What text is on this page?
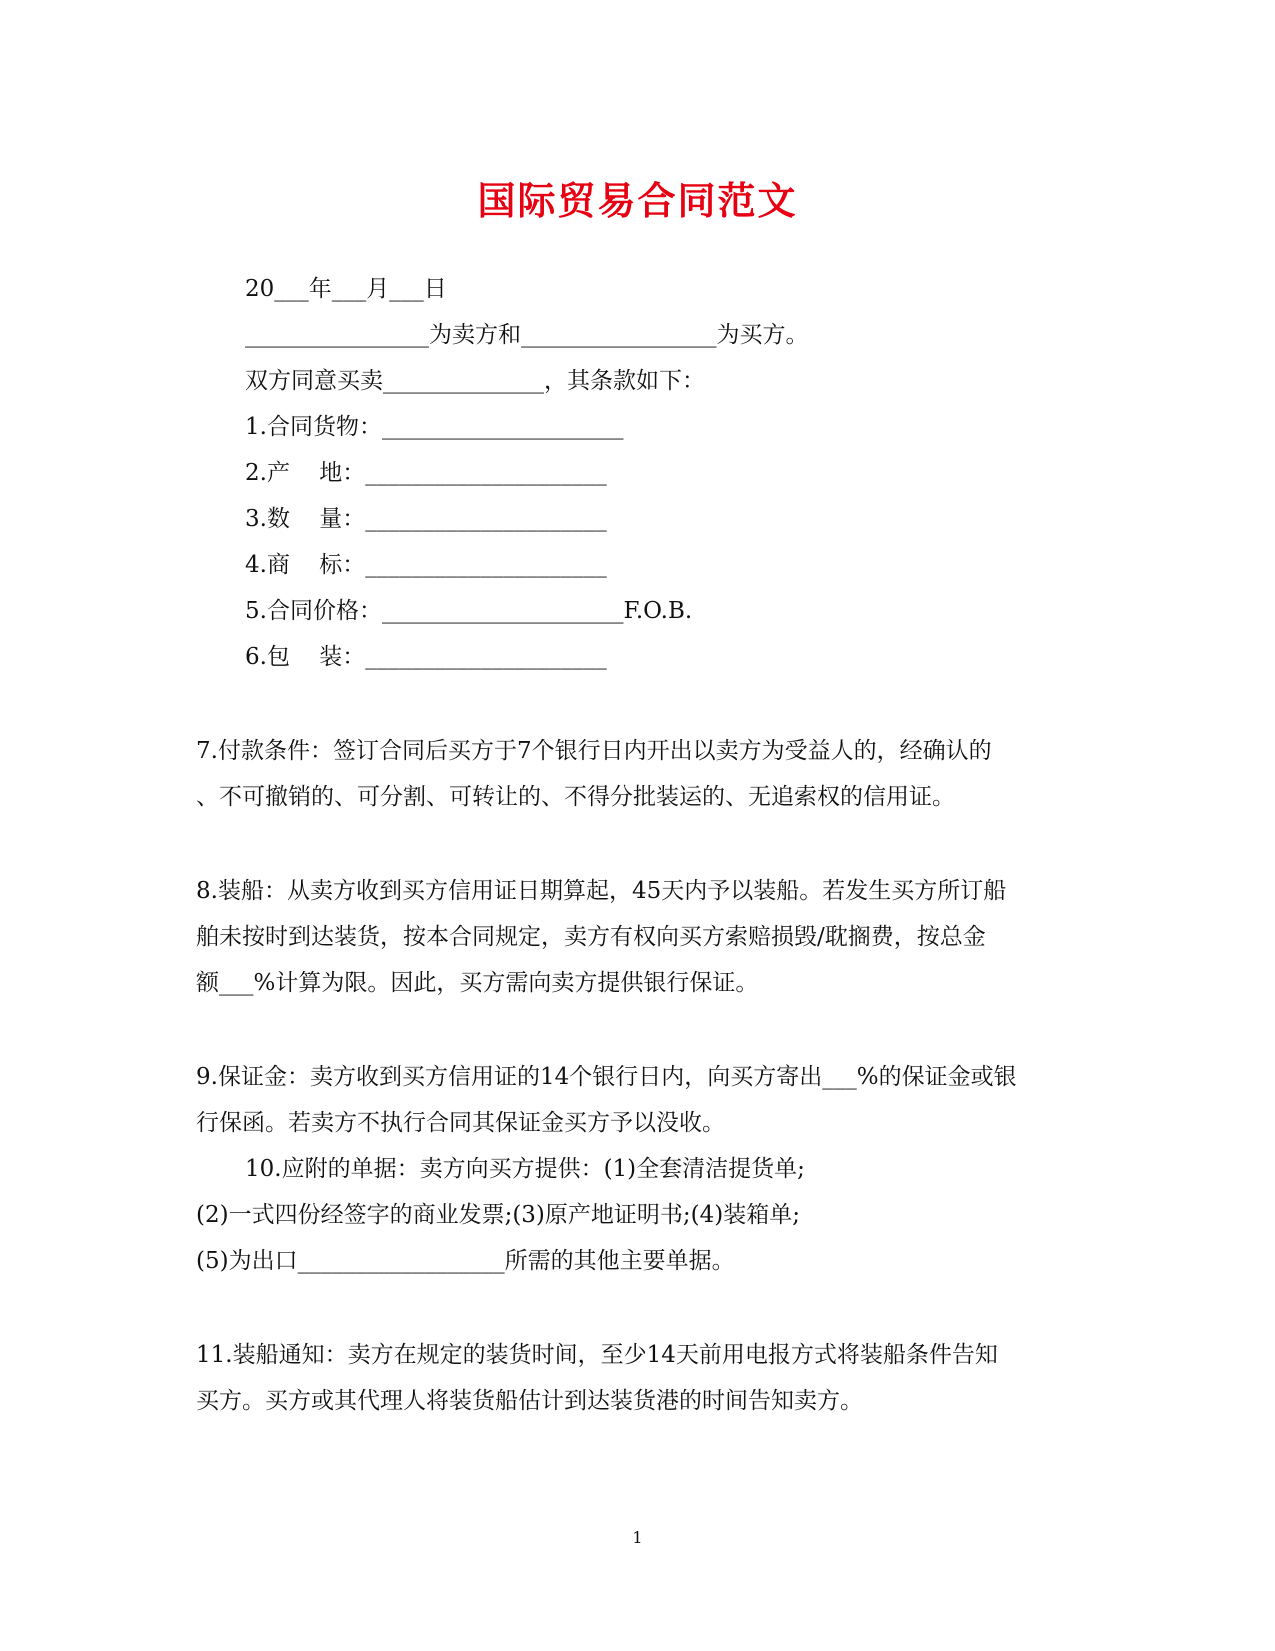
国际贸易合同范文
20___年___月___日
________________为卖方和_________________为买方。
双方同意买卖______________，其条款如下：
1.合同货物：_____________________
2.产    地：_____________________
3.数    量：_____________________
4.商    标：_____________________
5.合同价格：_____________________F.O.B.
6.包    装：_____________________
7.付款条件：签订合同后买方于7个银行日内开出以卖方为受益人的，经确认的
、不可撤销的、可分割、可转让的、不得分批装运的、无追索权的信用证。
8.装船：从卖方收到买方信用证日期算起，45天内予以装船。若发生买方所订船
舶未按时到达装货，按本合同规定，卖方有权向买方索赔损毁/耽搁费，按总金
额___%计算为限。因此，买方需向卖方提供银行保证。
9.保证金：卖方收到买方信用证的14个银行日内，向买方寄出___%的保证金或银
行保函。若卖方不执行合同其保证金买方予以没收。
10.应附的单据：卖方向买方提供：(1)全套清洁提货单;
(2)一式四份经签字的商业发票;(3)原产地证明书;(4)装箱单;
(5)为出口__________________所需的其他主要单据。
11.装船通知：卖方在规定的装货时间，至少14天前用电报方式将装船条件告知
买方。买方或其代理人将装货船估计到达装货港的时间告知卖方。
1
